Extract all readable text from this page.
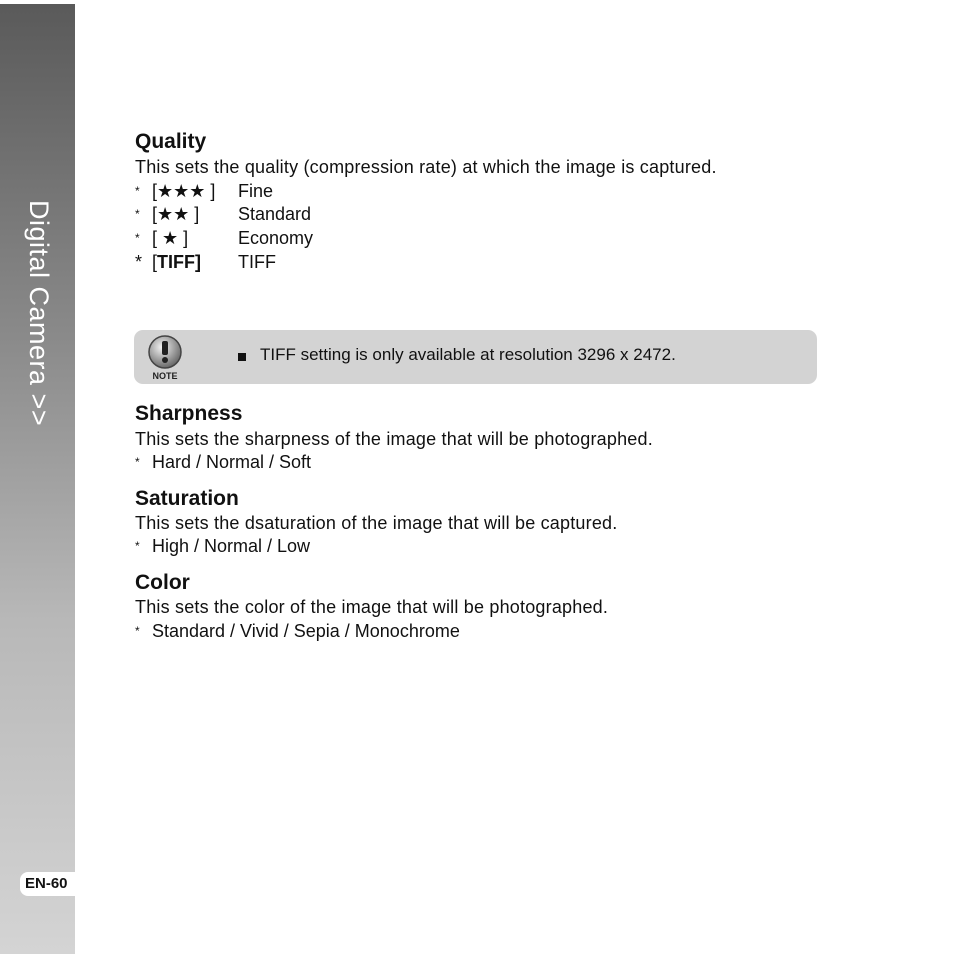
Digital Camera >>
EN-60
Quality
This sets the quality (compression rate) at which the image is captured.
* [★★★ ] Fine
* [★★ ] Standard
* [ ★ ]	Economy
* [TIFF] TIFF
NOTE
TIFF setting is only available at resolution 3296 x 2472.
Sharpness
This sets the sharpness of the image that will be photographed.
* Hard / Normal / Soft
Saturation
This sets the dsaturation of the image that will be captured.
* High / Normal / Low
Color
This sets the color of the image that will be photographed.
* Standard / Vivid / Sepia / Monochrome
